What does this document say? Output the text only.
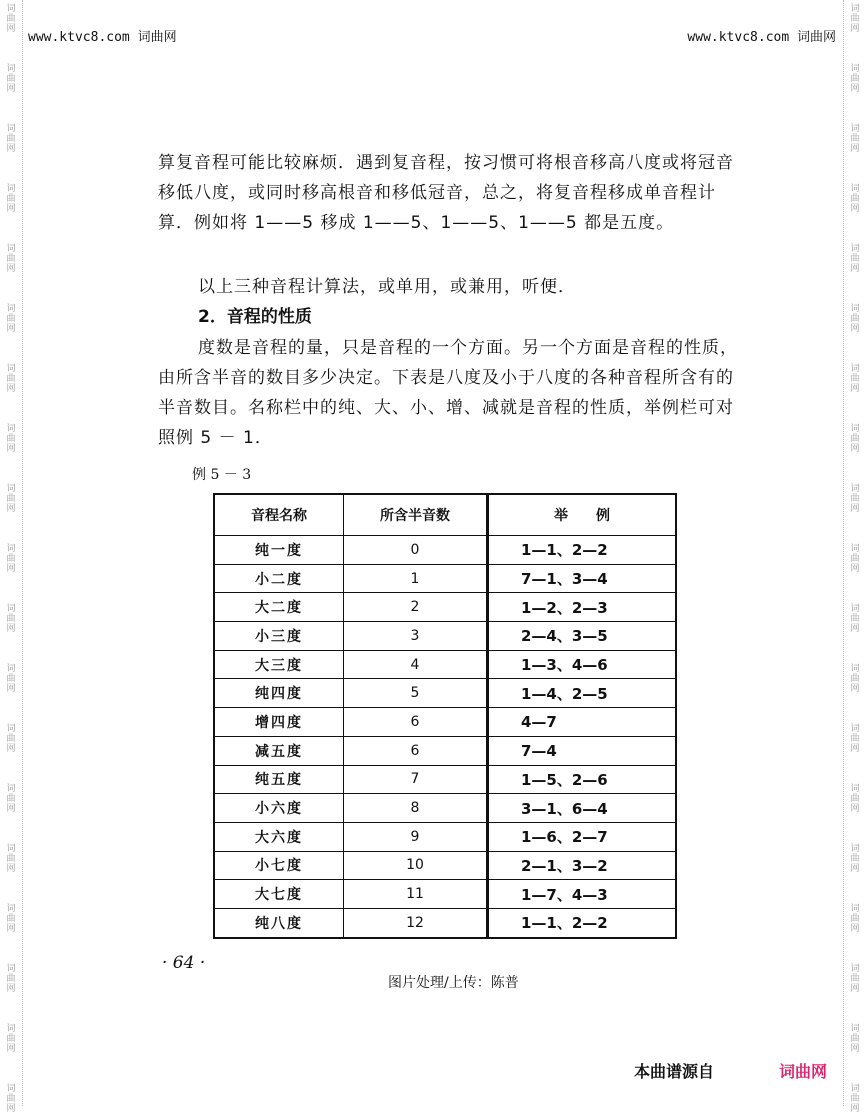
词曲网
词曲网
词曲网
词曲网
词曲网
词曲网
词曲网
词曲网
词曲网
词曲网
词曲网
词曲网
词曲网
词曲网
词曲网
词曲网
词曲网
词曲网
词曲网
词曲网
词曲网
词曲网
词曲网
词曲网
词曲网
词曲网
词曲网
词曲网
词曲网
词曲网
词曲网
词曲网
词曲网
词曲网
词曲网
词曲网
词曲网
词曲网
www.ktvc8.com 词曲网	www.ktvc8.com 词曲网
算复音程可能比较麻烦．遇到复音程，按习惯可将根音移高八度或将冠音移低八度，或同时移高根音和移低冠音，总之，将复音程移成单音程计算．例如将 1——5 移成 1——5、1——5、1——5 都是五度。
以上三种音程计算法，或单用，或兼用，听便．
2．音程的性质
度数是音程的量，只是音程的一个方面。另一个方面是音程的性质，由所含半音的数目多少决定。下表是八度及小于八度的各种音程所含有的半音数目。名称栏中的纯、大、小、增、减就是音程的性质，举例栏可对照例 5 － 1．
例 5 － 3
音程名称	所含半音数	举　　例
纯一度	0	1—1、2—2
小二度	1	7—1、3—4
大二度	2	1—2、2—3
小三度	3	2—4、3—5
大三度	4	1—3、4—6
纯四度	5	1—4、2—5
增四度	6	4—7
减五度	6	7—4
纯五度	7	1—5、2—6
小六度	8	3—1、6—4
大六度	9	1—6、2—7
小七度	10	2—1、3—2
大七度	11	1—7、4—3
纯八度	12	1—1、2—2
· 64 ·
图片处理/上传：陈普
本曲谱源自	词曲网
